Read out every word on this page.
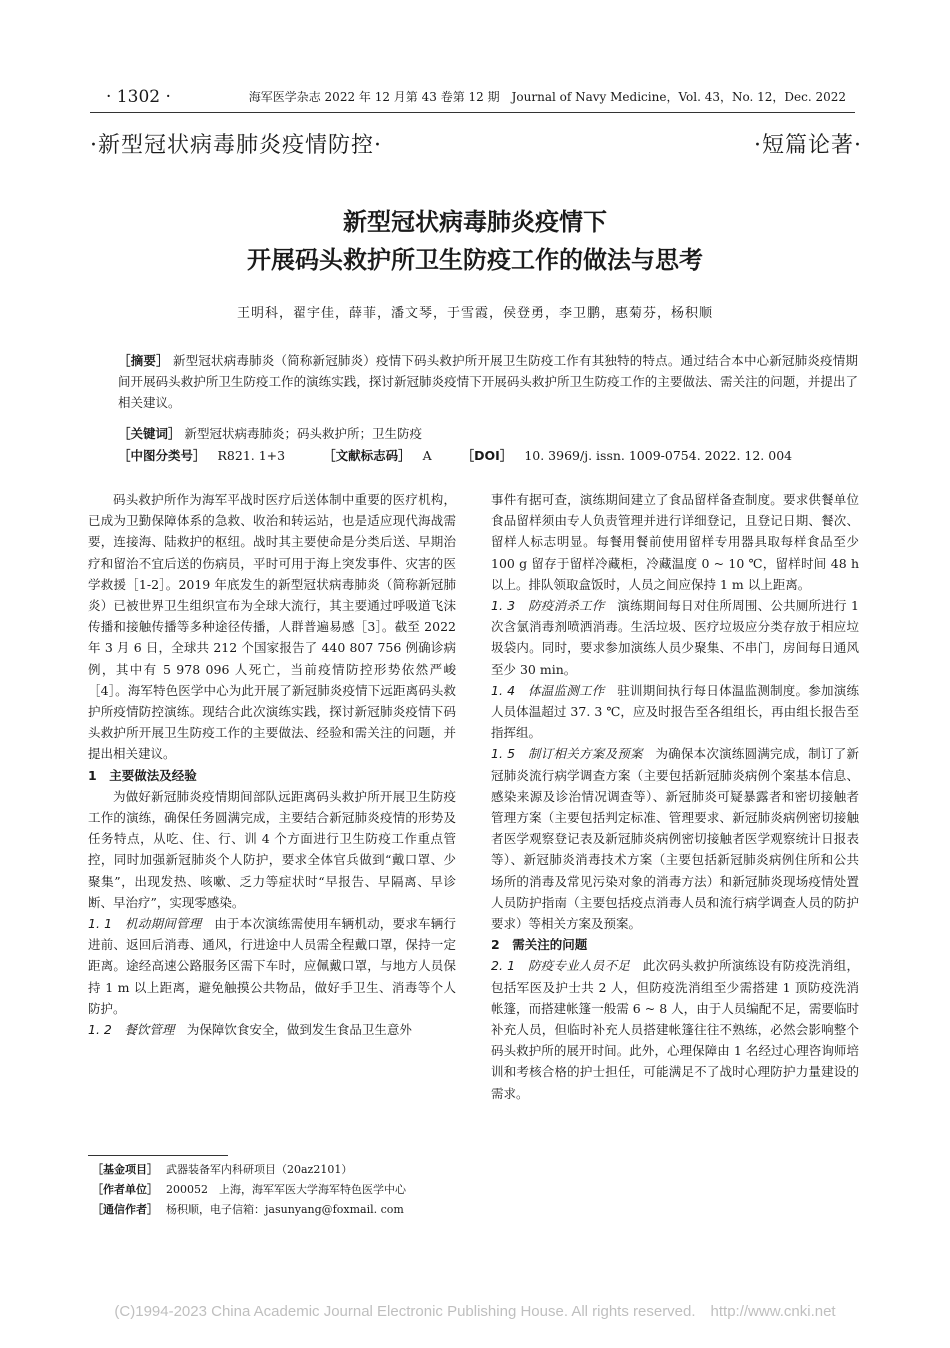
· 1302 ·	海军医学杂志 2022 年 12 月第 43 卷第 12 期　Journal of Navy Medicine，Vol. 43，No. 12，Dec. 2022
·新型冠状病毒肺炎疫情防控·	·短篇论著·
新型冠状病毒肺炎疫情下
开展码头救护所卫生防疫工作的做法与思考
王明科，翟宇佳，薛菲，潘文琴，于雪霞，侯登勇，李卫鹏，惠菊芬，杨积顺
［摘要］ 新型冠状病毒肺炎（简称新冠肺炎）疫情下码头救护所开展卫生防疫工作有其独特的特点。通过结合本中心新冠肺炎疫情期间开展码头救护所卫生防疫工作的演练实践，探讨新冠肺炎疫情下开展码头救护所卫生防疫工作的主要做法、需关注的问题，并提出了相关建议。
［关键词］ 新型冠状病毒肺炎；码头救护所；卫生防疫
［中图分类号］ R821. 1+3	［文献标志码］ A ［DOI］ 10. 3969/j. issn. 1009-0754. 2022. 12. 004

码头救护所作为海军平战时医疗后送体制中重要的医疗机构，已成为卫勤保障体系的急救、收治和转运站，也是适应现代海战需要，连接海、陆救护的枢纽。战时其主要使命是分类后送、早期治疗和留治不宜后送的伤病员，平时可用于海上突发事件、灾害的医学救援［1-2］。2019 年底发生的新型冠状病毒肺炎（简称新冠肺炎）已被世界卫生组织宣布为全球大流行，其主要通过呼吸道飞沫传播和接触传播等多种途径传播，人群普遍易感［3］。截至 2022 年 3 月 6 日，全球共 212 个国家报告了 440 807 756 例确诊病例，其中有 5 978 096 人死亡，当前疫情防控形势依然严峻［4］。海军特色医学中心为此开展了新冠肺炎疫情下远距离码头救护所疫情防控演练。现结合此次演练实践，探讨新冠肺炎疫情下码头救护所开展卫生防疫工作的主要做法、经验和需关注的问题，并提出相关建议。

1　主要做法及经验

为做好新冠肺炎疫情期间部队远距离码头救护所开展卫生防疫工作的演练，确保任务圆满完成，主要结合新冠肺炎疫情的形势及任务特点，从吃、住、行、训 4 个方面进行卫生防疫工作重点管控，同时加强新冠肺炎个人防护，要求全体官兵做到“戴口罩、少聚集”，出现发热、咳嗽、乏力等症状时“早报告、早隔离、早诊断、早治疗”，实现零感染。

1. 1　机动期间管理　 由于本次演练需使用车辆机动，要求车辆行进前、返回后消毒、通风，行进途中人员需全程戴口罩，保持一定距离。途经高速公路服务区需下车时，应佩戴口罩，与地方人员保持 1 m 以上距离，避免触摸公共物品，做好手卫生、消毒等个人防护。

1. 2　餐饮管理　 为保障饮食安全，做到发生食品卫生意外

事件有据可查，演练期间建立了食品留样备查制度。要求供餐单位食品留样须由专人负责管理并进行详细登记，且登记日期、餐次、留样人标志明显。每餐用餐前使用留样专用器具取每样食品至少 100 g 留存于留样冷藏柜，冷藏温度 0 ~ 10 ℃，留样时间 48 h 以上。排队领取盒饭时，人员之间应保持 1 m 以上距离。

1. 3　防疫消杀工作　 演练期间每日对住所周围、公共厕所进行 1 次含氯消毒剂喷洒消毒。生活垃圾、医疗垃圾应分类存放于相应垃圾袋内。同时，要求参加演练人员少聚集、不串门，房间每日通风至少 30 min。

1. 4　体温监测工作　 驻训期间执行每日体温监测制度。参加演练人员体温超过 37. 3 ℃，应及时报告至各组组长，再由组长报告至指挥组。

1. 5　制订相关方案及预案　 为确保本次演练圆满完成，制订了新冠肺炎流行病学调查方案（主要包括新冠肺炎病例个案基本信息、感染来源及诊治情况调查等）、新冠肺炎可疑暴露者和密切接触者管理方案（主要包括判定标准、管理要求、新冠肺炎病例密切接触者医学观察登记表及新冠肺炎病例密切接触者医学观察统计日报表等）、新冠肺炎消毒技术方案（主要包括新冠肺炎病例住所和公共场所的消毒及常见污染对象的消毒方法）和新冠肺炎现场疫情处置人员防护指南（主要包括疫点消毒人员和流行病学调查人员的防护要求）等相关方案及预案。

2　需关注的问题

2. 1　防疫专业人员不足　 此次码头救护所演练设有防疫洗消组，包括军医及护士共 2 人，但防疫洗消组至少需搭建 1 顶防疫洗消帐篷，而搭建帐篷一般需 6 ~ 8 人，由于人员编配不足，需要临时补充人员，但临时补充人员搭建帐篷往往不熟练，必然会影响整个码头救护所的展开时间。此外，心理保障由 1 名经过心理咨询师培训和考核合格的护士担任，可能满足不了战时心理防护力量建设的需求。

［基金项目］ 武器装备军内科研项目（20az2101）
［作者单位］ 200052　上海，海军军医大学海军特色医学中心
［通信作者］ 杨积顺，电子信箱：jasunyang@foxmail. com
(C)1994-2023 China Academic Journal Electronic Publishing House. All rights reserved.　http://www.cnki.net
